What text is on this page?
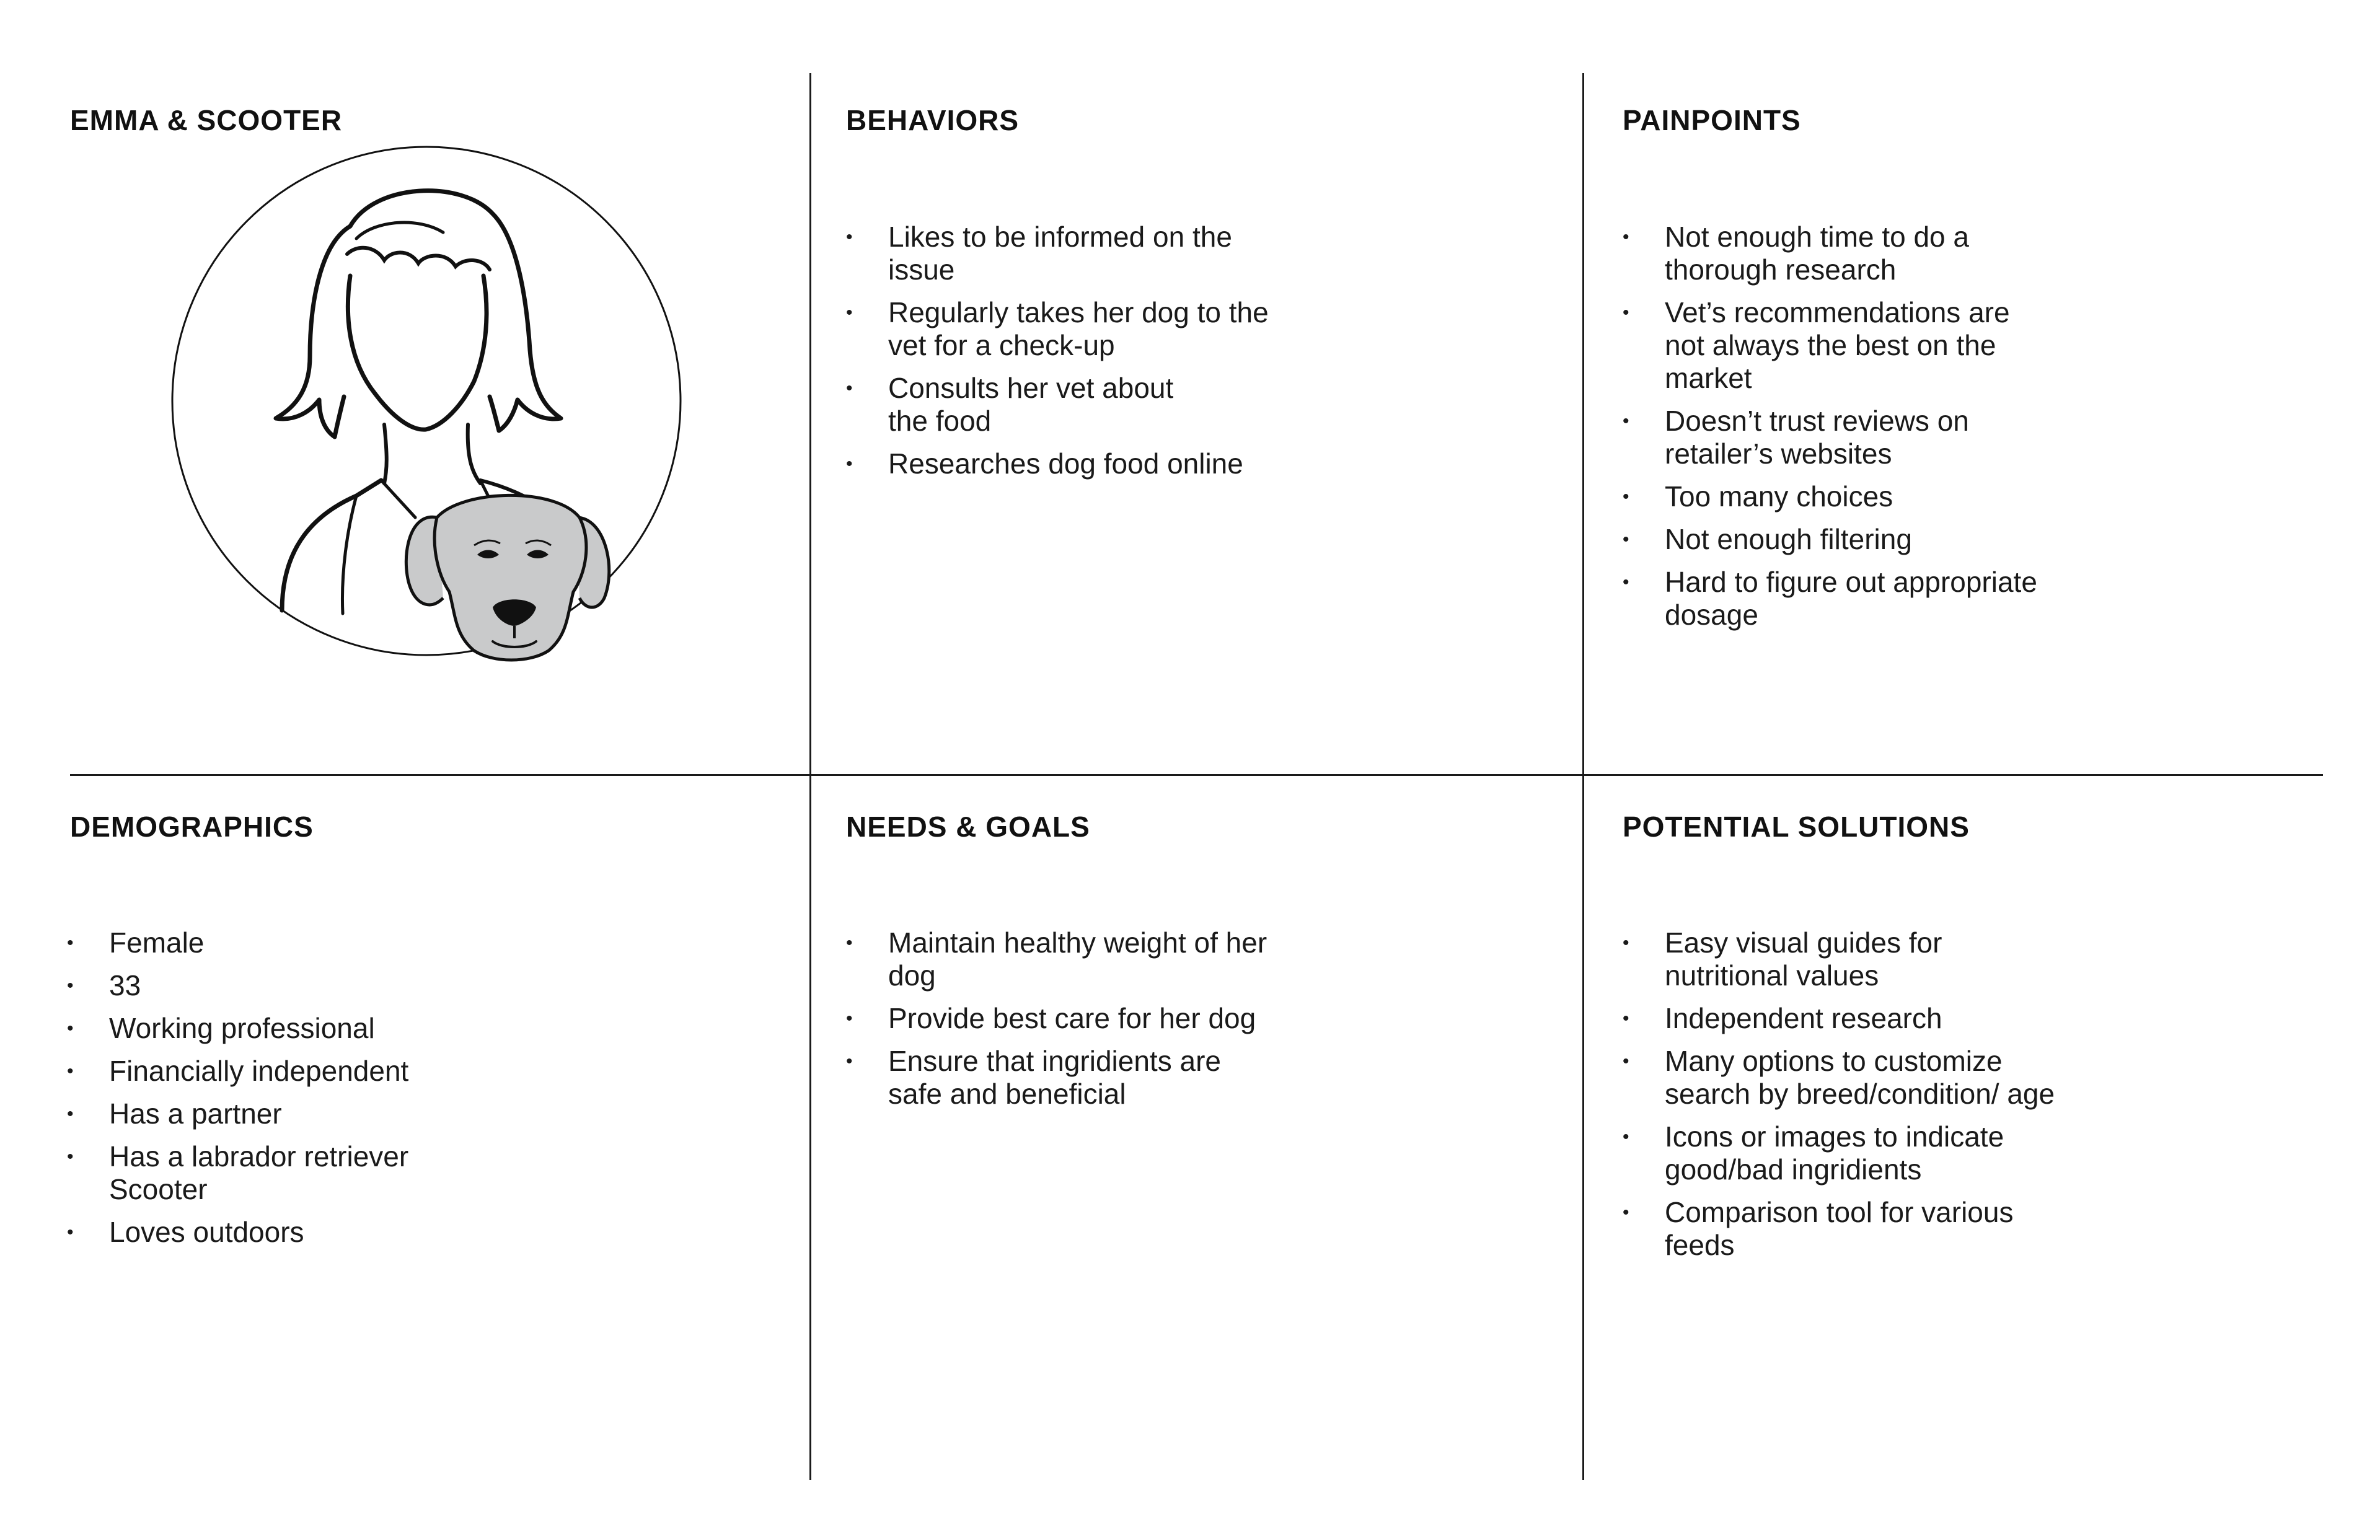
EMMA & SCOOTER	BEHAVIORS
• Likes to be informed on the issue
• Regularly takes her dog to the vet for a check-up
• Consults her vet about the food
• Researches dog food online
PAINPOINTS
• Not enough time to do a thorough research
• Vet’s recommendations are not always the best on the market
• Doesn’t trust reviews on retailer’s websites
• Too many choices
• Not enough filtering
• Hard to figure out appropriate dosage
DEMOGRAPHICS
• Female
• 33
• Working professional
• Financially independent
• Has a partner
• Has a labrador retriever Scooter
• Loves outdoors
NEEDS & GOALS
• Maintain healthy weight of her dog
• Provide best care for her dog
• Ensure that ingridients are safe and beneficial
POTENTIAL SOLUTIONS
• Easy visual guides for nutritional values
• Independent research
• Many options to customize search by breed/condition/ age
• Icons or images to indicate good/bad ingridients
• Comparison tool for various feeds
